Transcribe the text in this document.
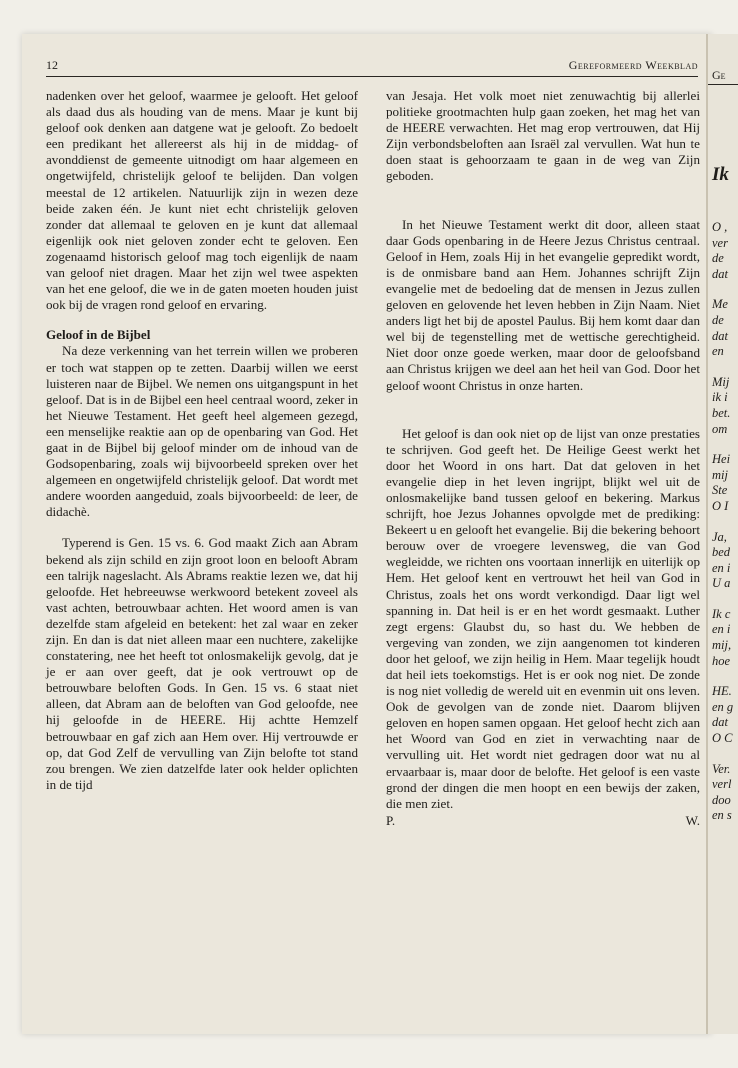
12	Gereformeerd Weekblad

nadenken over het geloof, waarmee je gelooft. Het geloof als daad dus als houding van de mens. Maar je kunt bij geloof ook denken aan datgene wat je gelooft. Zo bedoelt een predikant het allereerst als hij in de middag- of avonddienst de gemeente uitnodigt om haar algemeen en ongetwijfeld, christelijk geloof te belijden. Dan volgen meestal de 12 artikelen. Natuurlijk zijn in wezen deze beide zaken één. Je kunt niet echt christelijk geloven zonder dat allemaal te geloven en je kunt dat allemaal eigenlijk ook niet geloven zonder echt te geloven. Een zogenaamd historisch geloof mag toch eigenlijk de naam van geloof niet dragen. Maar het zijn wel twee aspekten van het ene geloof, die we in de gaten moeten houden juist ook bij de vragen rond geloof en ervaring.

Geloof in de Bijbel

Na deze verkenning van het terrein willen we proberen er toch wat stappen op te zetten. Daarbij willen we eerst luisteren naar de Bijbel. We nemen ons uitgangspunt in het geloof. Dat is in de Bijbel een heel centraal woord, zeker in het Nieuwe Testament. Het geeft heel algemeen gezegd, een menselijke reaktie aan op de openbaring van God. Het gaat in de Bijbel bij geloof minder om de inhoud van de Godsopenbaring, zoals wij bijvoorbeeld spreken over het algemeen en ongetwijfeld christelijk geloof. Dat wordt met andere woorden aangeduid, zoals bijvoorbeeld: de leer, de didachè.

Typerend is Gen. 15 vs. 6. God maakt Zich aan Abram bekend als zijn schild en zijn groot loon en belooft Abram een talrijk nageslacht. Als Abrams reaktie lezen we, dat hij geloofde. Het hebreeuwse werkwoord betekent zoveel als vast achten, betrouwbaar achten. Het woord amen is van dezelfde stam afgeleid en betekent: het zal waar en zeker zijn. En dan is dat niet alleen maar een nuchtere, zakelijke constatering, nee het heeft tot onlosmakelijk gevolg, dat je je er aan over geeft, dat je ook vertrouwt op de betrouwbare beloften Gods. In Gen. 15 vs. 6 staat niet alleen, dat Abram aan de beloften van God geloofde, nee hij geloofde in de HEERE. Hij achtte Hemzelf betrouwbaar en gaf zich aan Hem over. Hij vertrouwde er op, dat God Zelf de vervulling van Zijn belofte tot stand zou brengen. We zien datzelfde later ook helder oplichten in de tijd

van Jesaja. Het volk moet niet zenuwachtig bij allerlei politieke grootmachten hulp gaan zoeken, het mag het van de HEERE verwachten. Het mag erop vertrouwen, dat Hij Zijn verbondsbeloften aan Israël zal vervullen. Wat hun te doen staat is gehoorzaam te gaan in de weg van Zijn geboden.

In het Nieuwe Testament werkt dit door, alleen staat daar Gods openbaring in de Heere Jezus Christus centraal. Geloof in Hem, zoals Hij in het evangelie gepredikt wordt, is de onmisbare band aan Hem. Johannes schrijft Zijn evangelie met de bedoeling dat de mensen in Jezus zullen geloven en gelovende het leven hebben in Zijn Naam. Niet anders ligt het bij de apostel Paulus. Bij hem komt daar dan wel bij de tegenstelling met de wettische gerechtigheid. Niet door onze goede werken, maar door de geloofsband aan Christus krijgen we deel aan het heil van God. Door het geloof woont Christus in onze harten.

Het geloof is dan ook niet op de lijst van onze prestaties te schrijven. God geeft het. De Heilige Geest werkt het door het Woord in ons hart. Dat dat geloven in het evangelie diep in het leven ingrijpt, blijkt wel uit de onlosmakelijke band tussen geloof en bekering. Markus schrijft, hoe Jezus Johannes opvolgde met de prediking: Bekeert u en gelooft het evangelie. Bij die bekering behoort berouw over de vroegere levensweg, die van God wegleidde, we richten ons voortaan innerlijk en uiterlijk op Hem. Het geloof kent en vertrouwt het heil van God in Christus, zoals het ons wordt verkondigd. Daar ligt wel spanning in. Dat heil is er en het wordt gesmaakt. Luther zegt ergens: Glaubst du, so hast du. We hebben de vergeving van zonden, we zijn aangenomen tot kinderen door het geloof, we zijn heilig in Hem. Maar tegelijk houdt dat heil iets toekomstigs. Het is er ook nog niet. De zonde is nog niet volledig de wereld uit en evenmin uit ons leven. Ook de gevolgen van de zonde niet. Daarom blijven geloven en hopen samen opgaan. Het geloof hecht zich aan het Woord van God en ziet in verwachting naar de vervulling uit. Het wordt niet gedragen door wat nu al ervaarbaar is, maar door de belofte. Het geloof is een vaste grond der dingen die men hoopt en een bewijs der zaken, die men ziet.

P.	W.
Ge
Ik
O ,
ver
de
dat
Me
de
dat
en
Mij
ik i
bet.
om
Hei
mij
Ste
O I
Ja,
bed
en i
U a
Ik c
en i
mij,
hoe
HE.
en g
dat
O C
Ver.
verl
doo
en s
